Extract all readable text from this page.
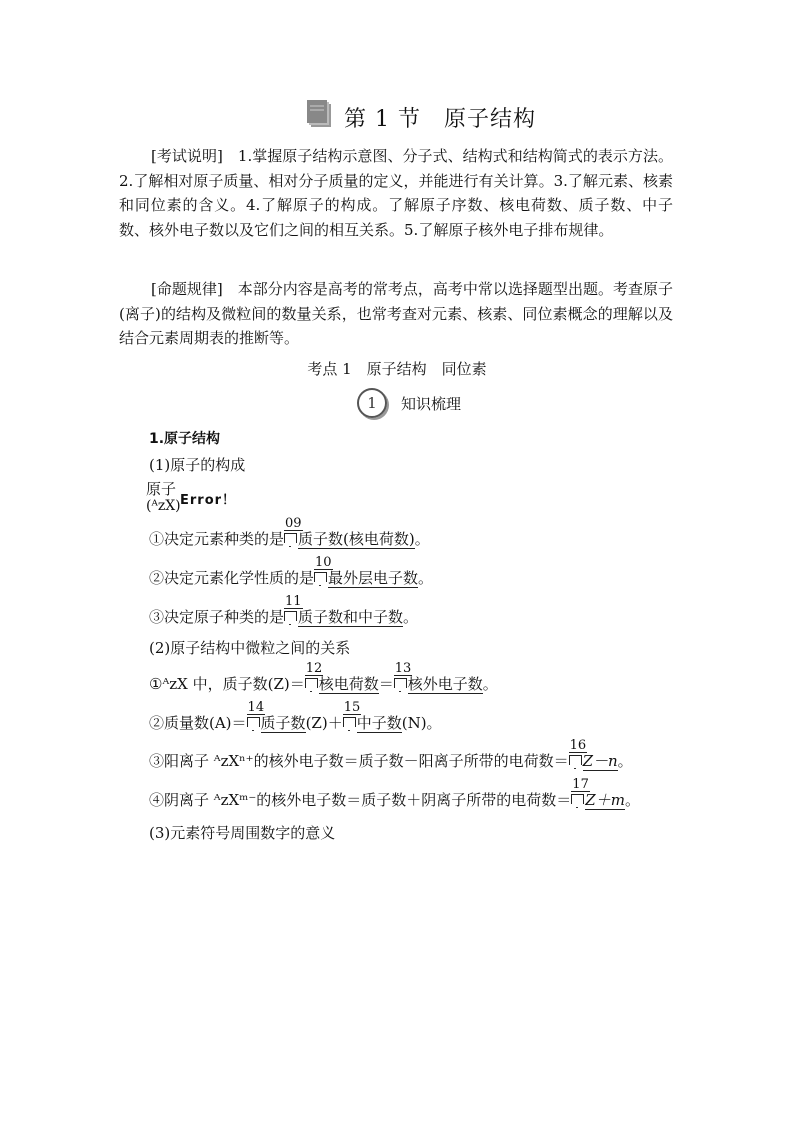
第 1 节　原子结构

[考试说明]　1.掌握原子结构示意图、分子式、结构式和结构简式的表示方法。2.了解相对原子质量、相对分子质量的定义，并能进行有关计算。3.了解元素、核素和同位素的含义。4.了解原子的构成。了解原子序数、核电荷数、质子数、中子数、核外电子数以及它们之间的相互关系。5.了解原子核外电子排布规律。

[命题规律]　本部分内容是高考的常考点，高考中常以选择题型出题。考查原子(离子)的结构及微粒间的数量关系，也常考查对元素、核素、同位素概念的理解以及结合元素周期表的推断等。

考点 1　原子结构　同位素
1	知识梳理
1.原子结构
(1)原子的构成
原子
(ᴬᴢX) Error！
①决定元素种类的是
09
质子数(核电荷数)。
②决定元素化学性质的是
10
最外层电子数。
③决定原子种类的是
11
质子数和中子数。
(2)原子结构中微粒之间的关系
①ᴬᴢX 中，质子数(Z)＝
12
核电荷数＝
13
核外电子数。
②质量数(A)＝
14
质子数(Z)＋
15
中子数(N)。
③阳离子 ᴬᴢXⁿ⁺的核外电子数＝质子数－阳离子所带的电荷数＝
16
Z－n。
④阴离子 ᴬᴢXᵐ⁻的核外电子数＝质子数＋阴离子所带的电荷数＝
17
Z＋m。
(3)元素符号周围数字的意义
